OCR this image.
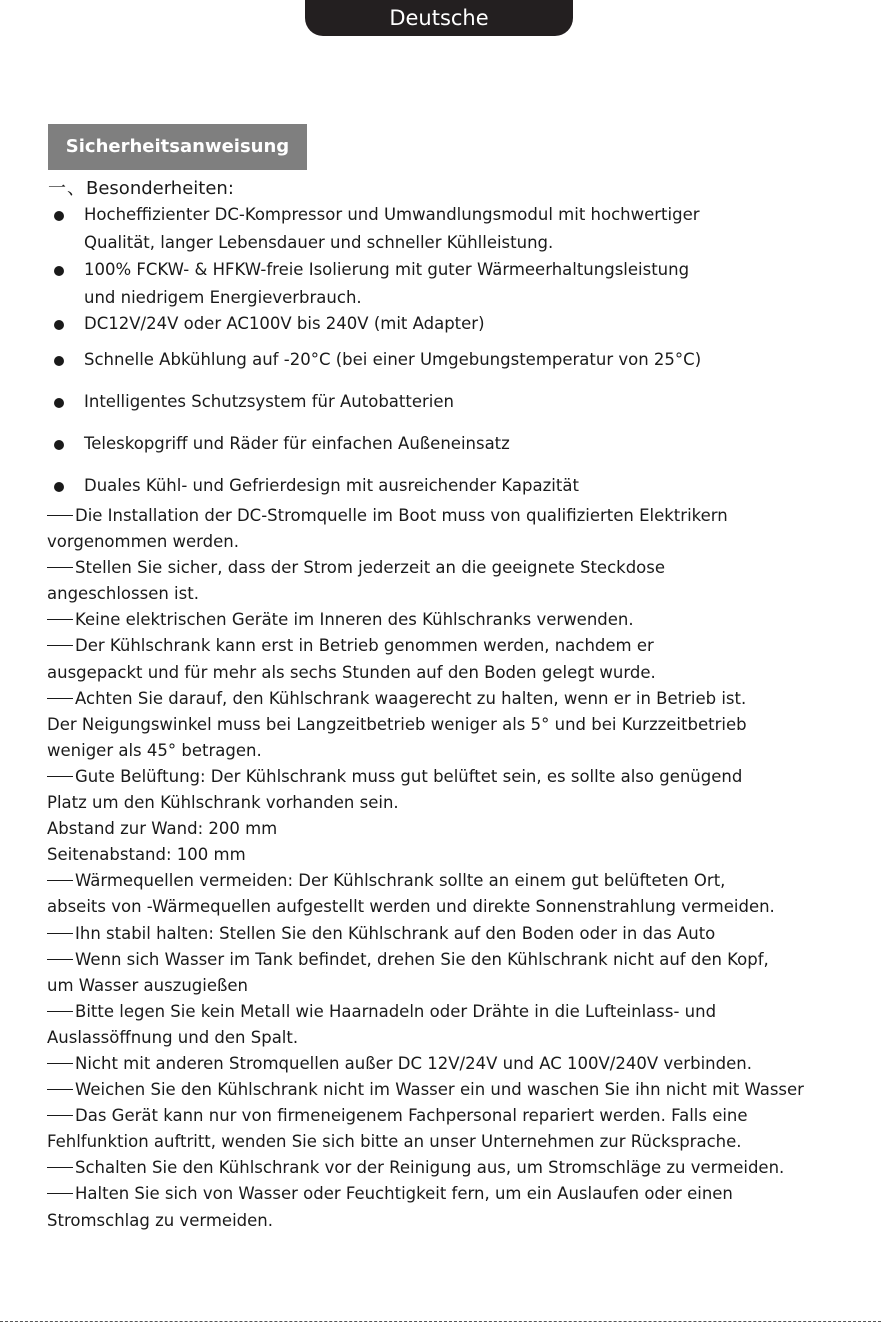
Deutsche
Sicherheitsanweisung
一、Besonderheiten:
Hocheffizienter DC-Kompressor und Umwandlungsmodul mit hochwertiger
Qualität, langer Lebensdauer und schneller Kühlleistung.
100% FCKW- & HFKW-freie Isolierung mit guter Wärmeerhaltungsleistung
und niedrigem Energieverbrauch.
DC12V/24V oder AC100V bis 240V (mit Adapter)
Schnelle Abkühlung auf -20°C (bei einer Umgebungstemperatur von 25°C)
Intelligentes Schutzsystem für Autobatterien
Teleskopgriff und Räder für einfachen Außeneinsatz
Duales Kühl- und Gefrierdesign mit ausreichender Kapazität

Die Installation der DC-Stromquelle im Boot muss von qualifizierten Elektrikern
vorgenommen werden.

Stellen Sie sicher, dass der Strom jederzeit an die geeignete Steckdose
angeschlossen ist.

Keine elektrischen Geräte im Inneren des Kühlschranks verwenden.

Der Kühlschrank kann erst in Betrieb genommen werden, nachdem er
ausgepackt und für mehr als sechs Stunden auf den Boden gelegt wurde.

Achten Sie darauf, den Kühlschrank waagerecht zu halten, wenn er in Betrieb ist.
Der Neigungswinkel muss bei Langzeitbetrieb weniger als 5° und bei Kurzzeitbetrieb
weniger als 45° betragen.

Gute Belüftung: Der Kühlschrank muss gut belüftet sein, es sollte also genügend
Platz um den Kühlschrank vorhanden sein.

Abstand zur Wand: 200 mm

Seitenabstand: 100 mm

Wärmequellen vermeiden: Der Kühlschrank sollte an einem gut belüfteten Ort,
abseits von -Wärmequellen aufgestellt werden und direkte Sonnenstrahlung vermeiden.

Ihn stabil halten: Stellen Sie den Kühlschrank auf den Boden oder in das Auto

Wenn sich Wasser im Tank befindet, drehen Sie den Kühlschrank nicht auf den Kopf,
um Wasser auszugießen

Bitte legen Sie kein Metall wie Haarnadeln oder Drähte in die Lufteinlass- und
Auslassöffnung und den Spalt.

Nicht mit anderen Stromquellen außer DC 12V/24V und AC 100V/240V verbinden.

Weichen Sie den Kühlschrank nicht im Wasser ein und waschen Sie ihn nicht mit Wasser

Das Gerät kann nur von firmeneigenem Fachpersonal repariert werden. Falls eine
Fehlfunktion auftritt, wenden Sie sich bitte an unser Unternehmen zur Rücksprache.

Schalten Sie den Kühlschrank vor der Reinigung aus, um Stromschläge zu vermeiden.

Halten Sie sich von Wasser oder Feuchtigkeit fern, um ein Auslaufen oder einen
Stromschlag zu vermeiden.
